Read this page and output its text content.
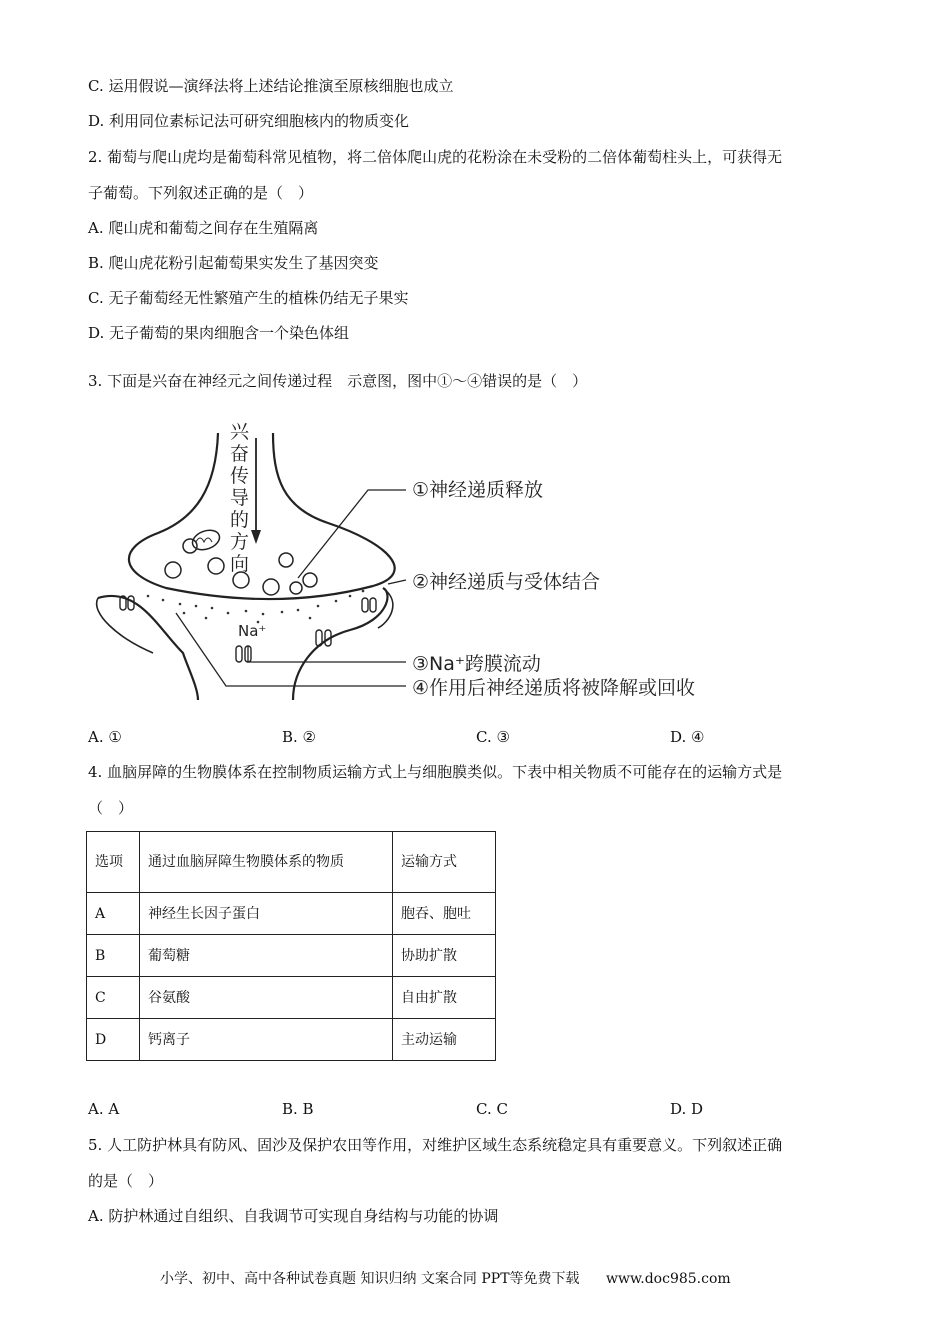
C. 运用假说—演绎法将上述结论推演至原核细胞也成立
D. 利用同位素标记法可研究细胞核内的物质变化
2. 葡萄与爬山虎均是葡萄科常见植物，将二倍体爬山虎的花粉涂在未受粉的二倍体葡萄柱头上，可获得无
子葡萄。下列叙述正确的是（　）
A. 爬山虎和葡萄之间存在生殖隔离
B. 爬山虎花粉引起葡萄果实发生了基因突变
C. 无子葡萄经无性繁殖产生的植株仍结无子果实
D. 无子葡萄的果肉细胞含一个染色体组
3. 下面是兴奋在神经元之间传递过程　示意图，图中①～④错误的是（　）
兴
奋
传
导
的
方
向
Na⁺
①神经递质释放
②神经递质与受体结合
③Na⁺跨膜流动
④作用后神经递质将被降解或回收
A. ①	B. ②	C. ③	D. ④
4. 血脑屏障的生物膜体系在控制物质运输方式上与细胞膜类似。下表中相关物质不可能存在的运输方式是
（　）
选项	通过血脑屏障生物膜体系的物质	运输方式
A	神经生长因子蛋白	胞吞、胞吐
B	葡萄糖	协助扩散
C	谷氨酸	自由扩散
D	钙离子	主动运输
A. A	B. B	C. C	D. D
5. 人工防护林具有防风、固沙及保护农田等作用，对维护区域生态系统稳定具有重要意义。下列叙述正确
的是（　）
A. 防护林通过自组织、自我调节可实现自身结构与功能的协调
小学、初中、高中各种试卷真题 知识归纳 文案合同 PPT等免费下载 www.doc985.com
